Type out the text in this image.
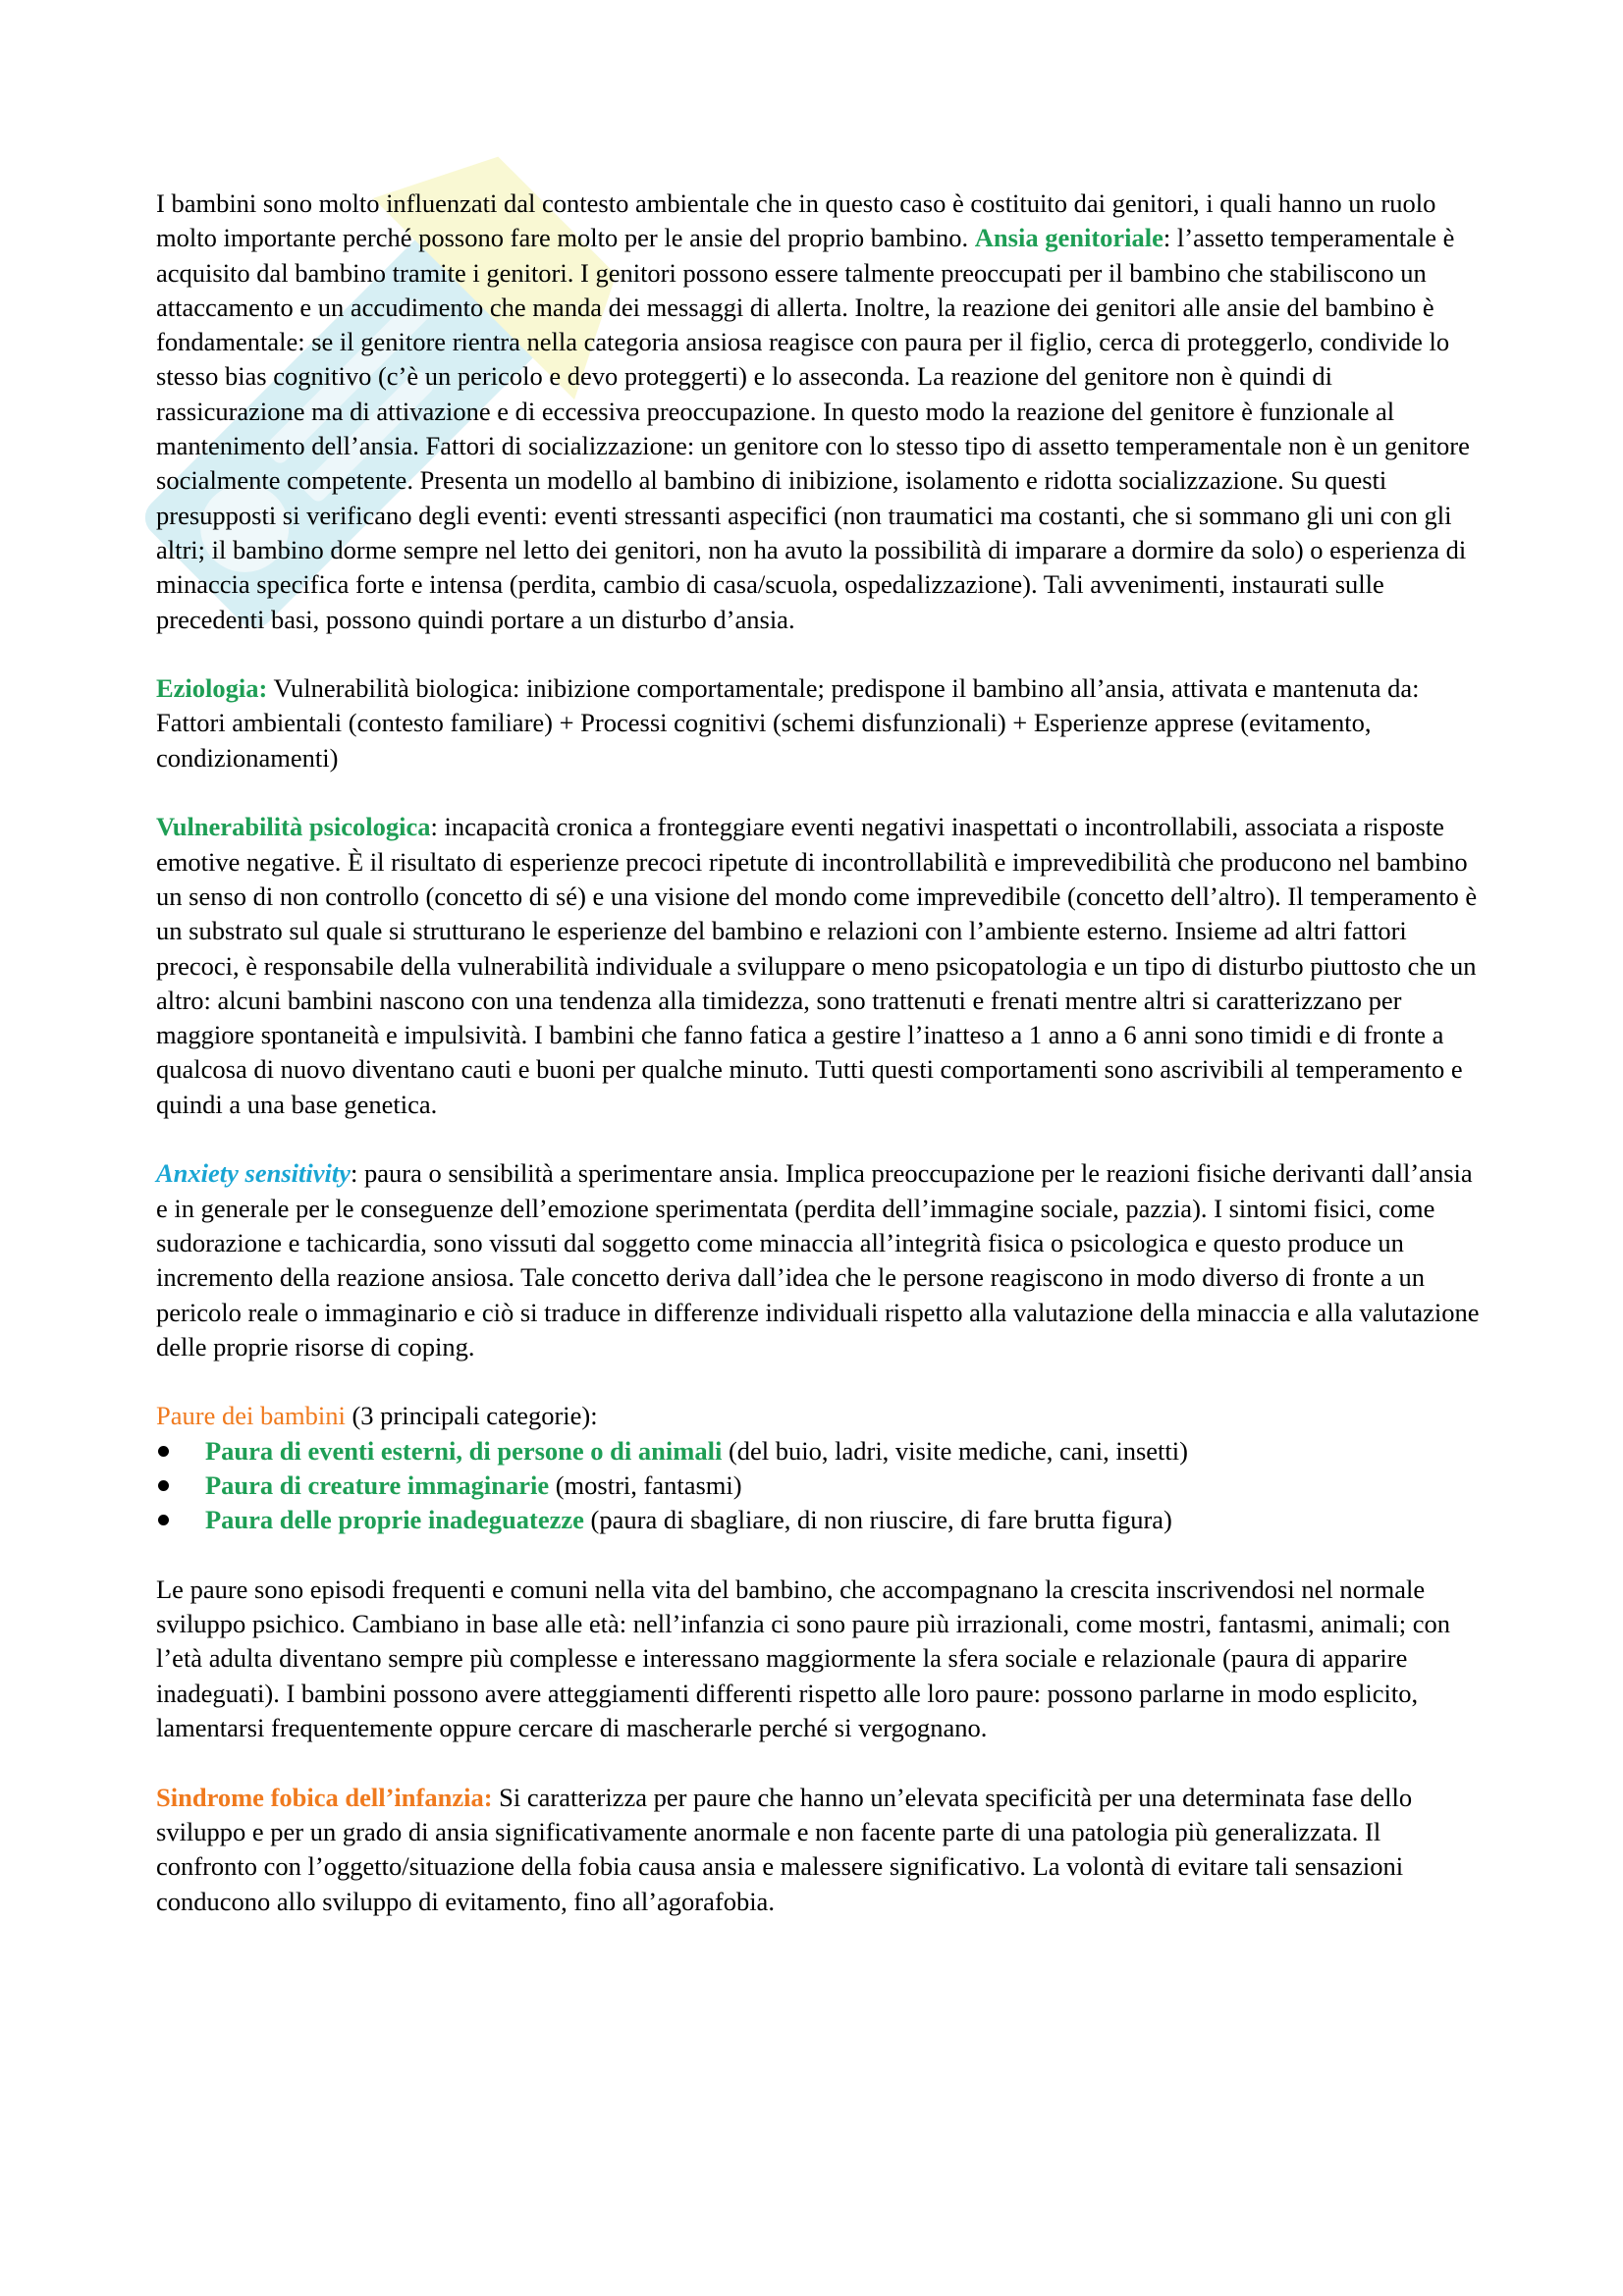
I bambini sono molto influenzati dal contesto ambientale che in questo caso è costituito dai genitori, i quali hanno un ruolo molto importante perché possono fare molto per le ansie del proprio bambino. Ansia genitoriale: l’assetto temperamentale è acquisito dal bambino tramite i genitori. I genitori possono essere talmente preoccupati per il bambino che stabiliscono un attaccamento e un accudimento che manda dei messaggi di allerta. Inoltre, la reazione dei genitori alle ansie del bambino è fondamentale: se il genitore rientra nella categoria ansiosa reagisce con paura per il figlio, cerca di proteggerlo, condivide lo stesso bias cognitivo (c’è un pericolo e devo proteggerti) e lo asseconda. La reazione del genitore non è quindi di rassicurazione ma di attivazione e di eccessiva preoccupazione. In questo modo la reazione del genitore è funzionale al mantenimento dell’ansia. Fattori di socializzazione: un genitore con lo stesso tipo di assetto temperamentale non è un genitore socialmente competente. Presenta un modello al bambino di inibizione, isolamento e ridotta socializzazione. Su questi presupposti si verificano degli eventi: eventi stressanti aspecifici (non traumatici ma costanti, che si sommano gli uni con gli altri; il bambino dorme sempre nel letto dei genitori, non ha avuto la possibilità di imparare a dormire da solo) o esperienza di minaccia specifica forte e intensa (perdita, cambio di casa/scuola, ospedalizzazione). Tali avvenimenti, instaurati sulle precedenti basi, possono quindi portare a un disturbo d’ansia.

Eziologia: Vulnerabilità biologica: inibizione comportamentale; predispone il bambino all’ansia, attivata e mantenuta da: Fattori ambientali (contesto familiare) + Processi cognitivi (schemi disfunzionali) + Esperienze apprese (evitamento, condizionamenti)

Vulnerabilità psicologica: incapacità cronica a fronteggiare eventi negativi inaspettati o incontrollabili, associata a risposte emotive negative. È il risultato di esperienze precoci ripetute di incontrollabilità e imprevedibilità che producono nel bambino un senso di non controllo (concetto di sé) e una visione del mondo come imprevedibile (concetto dell’altro). Il temperamento è un substrato sul quale si strutturano le esperienze del bambino e relazioni con l’ambiente esterno. Insieme ad altri fattori precoci, è responsabile della vulnerabilità individuale a sviluppare o meno psicopatologia e un tipo di disturbo piuttosto che un altro: alcuni bambini nascono con una tendenza alla timidezza, sono trattenuti e frenati mentre altri si caratterizzano per maggiore spontaneità e impulsività. I bambini che fanno fatica a gestire l’inatteso a 1 anno a 6 anni sono timidi e di fronte a qualcosa di nuovo diventano cauti e buoni per qualche minuto. Tutti questi comportamenti sono ascrivibili al temperamento e quindi a una base genetica.

Anxiety sensitivity: paura o sensibilità a sperimentare ansia. Implica preoccupazione per le reazioni fisiche derivanti dall’ansia e in generale per le conseguenze dell’emozione sperimentata (perdita dell’immagine sociale, pazzia). I sintomi fisici, come sudorazione e tachicardia, sono vissuti dal soggetto come minaccia all’integrità fisica o psicologica e questo produce un incremento della reazione ansiosa. Tale concetto deriva dall’idea che le persone reagiscono in modo diverso di fronte a un pericolo reale o immaginario e ciò si traduce in differenze individuali rispetto alla valutazione della minaccia e alla valutazione delle proprie risorse di coping.

Paure dei bambini (3 principali categorie):

Paura di eventi esterni, di persone o di animali (del buio, ladri, visite mediche, cani, insetti)
Paura di creature immaginarie (mostri, fantasmi)
Paura delle proprie inadeguatezze (paura di sbagliare, di non riuscire, di fare brutta figura)

Le paure sono episodi frequenti e comuni nella vita del bambino, che accompagnano la crescita inscrivendosi nel normale sviluppo psichico. Cambiano in base alle età: nell’infanzia ci sono paure più irrazionali, come mostri, fantasmi, animali; con l’età adulta diventano sempre più complesse e interessano maggiormente la sfera sociale e relazionale (paura di apparire inadeguati). I bambini possono avere atteggiamenti differenti rispetto alle loro paure: possono parlarne in modo esplicito, lamentarsi frequentemente oppure cercare di mascherarle perché si vergognano.

Sindrome fobica dell’infanzia: Si caratterizza per paure che hanno un’elevata specificità per una determinata fase dello sviluppo e per un grado di ansia significativamente anormale e non facente parte di una patologia più generalizzata. Il confronto con l’oggetto/situazione della fobia causa ansia e malessere significativo. La volontà di evitare tali sensazioni conducono allo sviluppo di evitamento, fino all’agorafobia.
